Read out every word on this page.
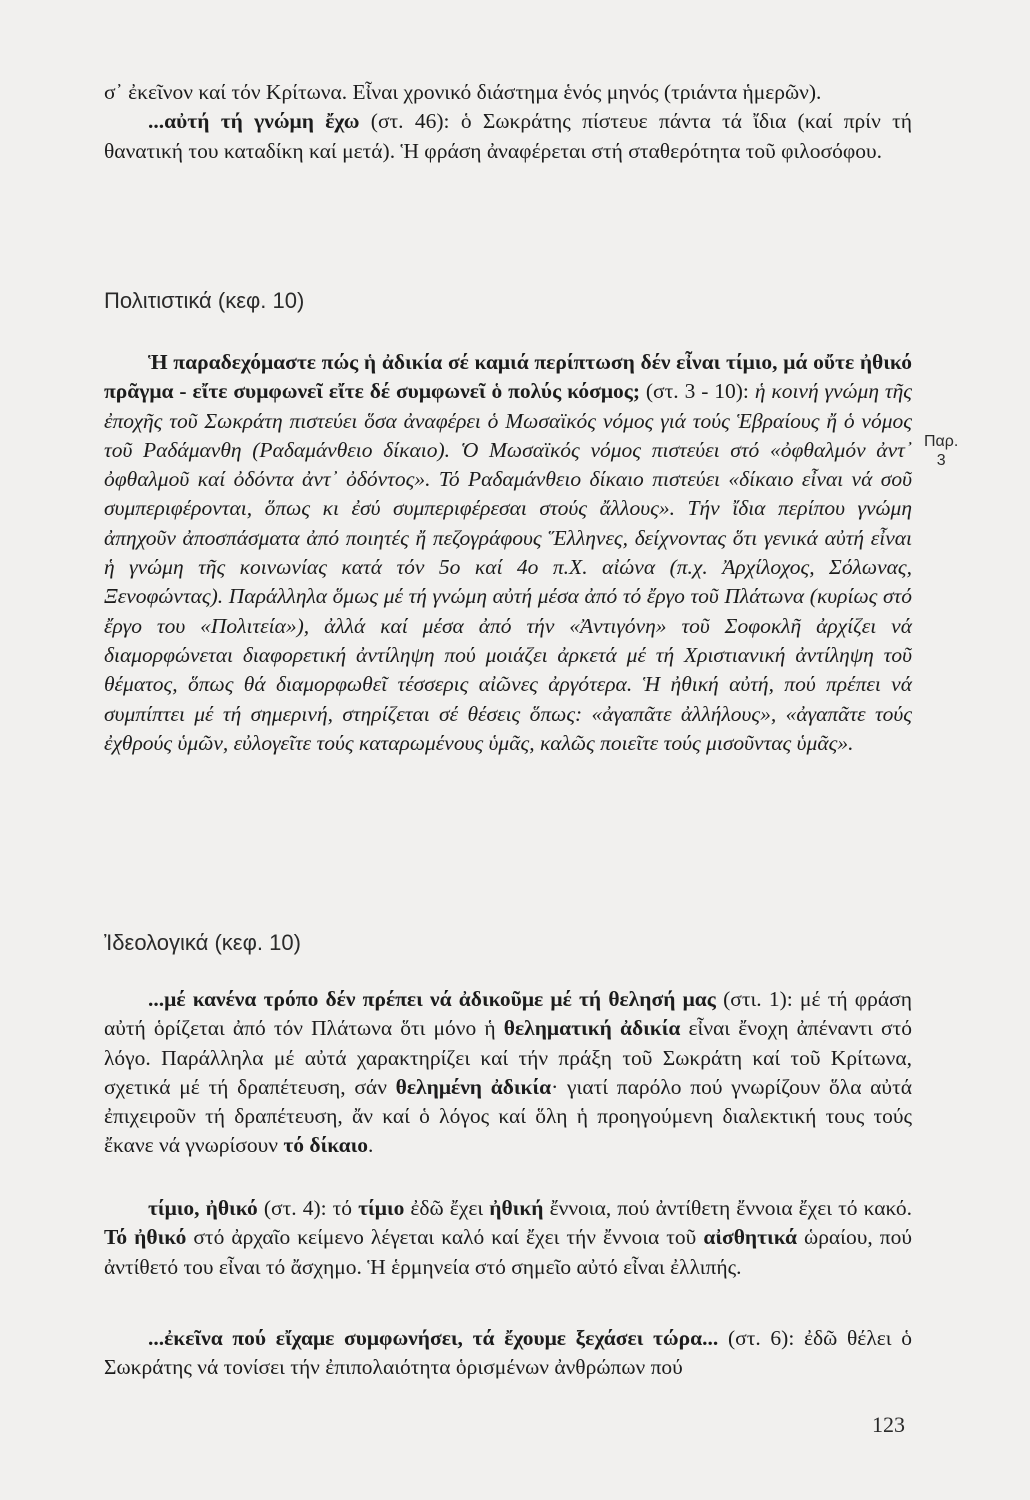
σ᾽ ἐκεῖνον καί τόν Κρίτωνα. Εἶναι χρονικό διάστημα ἑνός μηνός (τριάντα ἡμερῶν).

...αὐτή τή γνώμη ἔχω (στ. 46): ὁ Σωκράτης πίστευε πάντα τά ἴδια (καί πρίν τή θανατική του καταδίκη καί μετά). Ἡ φράση ἀναφέρεται στή σταθερότητα τοῦ φιλοσόφου.

Πολιτιστικά (κεφ. 10)

Ἡ παραδεχόμαστε πώς ἡ ἀδικία σέ καμιά περίπτωση δέν εἶναι τίμιο, μά οὔτε ἠθικό πρᾶγμα - εἴτε συμφωνεῖ εἴτε δέ συμφωνεῖ ὁ πολύς κόσμος; (στ. 3 - 10): ἡ κοινή γνώμη τῆς ἐποχῆς τοῦ Σωκράτη πιστεύει ὅσα ἀναφέρει ὁ Μωσαϊκός νόμος γιά τούς Ἑβραίους ἤ ὁ νόμος τοῦ Ραδάμανθη (Ραδαμάνθειο δίκαιο). Ὁ Μωσαϊκός νόμος πιστεύει στό «ὀφθαλμόν ἀντ᾽ ὀφθαλμοῦ καί ὀδόντα ἀντ᾽ ὀδόντος». Τό Ραδαμάνθειο δίκαιο πιστεύει «δίκαιο εἶναι νά σοῦ συμπεριφέρονται, ὅπως κι ἐσύ συμπεριφέρεσαι στούς ἄλλους». Τήν ἴδια περίπου γνώμη ἀπηχοῦν ἀποσπάσματα ἀπό ποιητές ἤ πεζογράφους Ἕλληνες, δείχνοντας ὅτι γενικά αὐτή εἶναι ἡ γνώμη τῆς κοινωνίας κατά τόν 5ο καί 4ο π.Χ. αἰώνα (π.χ. Ἀρχίλοχος, Σόλωνας, Ξενοφώντας). Παράλληλα ὅμως μέ τή γνώμη αὐτή μέσα ἀπό τό ἔργο τοῦ Πλάτωνα (κυρίως στό ἔργο του «Πολιτεία»), ἀλλά καί μέσα ἀπό τήν «Ἀντιγόνη» τοῦ Σοφοκλῆ ἀρχίζει νά διαμορφώνεται διαφορετική ἀντίληψη πού μοιάζει ἀρκετά μέ τή Χριστιανική ἀντίληψη τοῦ θέματος, ὅπως θά διαμορφωθεῖ τέσσερις αἰῶνες ἀργότερα. Ἡ ἠθική αὐτή, πού πρέπει νά συμπίπτει μέ τή σημερινή, στηρίζεται σέ θέσεις ὅπως: «ἀγαπᾶτε ἀλλήλους», «ἀγαπᾶτε τούς ἐχθρούς ὑμῶν, εὐλογεῖτε τούς καταρωμένους ὑμᾶς, καλῶς ποιεῖτε τούς μισοῦντας ὑμᾶς».

Παρ.
3
Ἰδεολογικά (κεφ. 10)

...μέ κανένα τρόπο δέν πρέπει νά ἀδικοῦμε μέ τή θελησή μας (στι. 1): μέ τή φράση αὐτή ὁρίζεται ἀπό τόν Πλάτωνα ὅτι μόνο ἡ θεληματική ἀδικία εἶναι ἔνοχη ἀπέναντι στό λόγο. Παράλληλα μέ αὐτά χαρακτηρίζει καί τήν πράξη τοῦ Σωκράτη καί τοῦ Κρίτωνα, σχετικά μέ τή δραπέτευση, σάν θελημένη ἀδικία· γιατί παρόλο πού γνωρίζουν ὅλα αὐτά ἐπιχειροῦν τή δραπέτευση, ἄν καί ὁ λόγος καί ὅλη ἡ προηγούμενη διαλεκτική τους τούς ἔκανε νά γνωρίσουν τό δίκαιο.

τίμιο, ἠθικό (στ. 4): τό τίμιο ἐδῶ ἔχει ἠθική ἔννοια, πού ἀντίθετη ἔννοια ἔχει τό κακό. Τό ἠθικό στό ἀρχαῖο κείμενο λέγεται καλό καί ἔχει τήν ἔννοια τοῦ αἰσθητικά ὡραίου, πού ἀντίθετό του εἶναι τό ἄσχημο. Ἡ ἑρμηνεία στό σημεῖο αὐτό εἶναι ἐλλιπής.

...ἐκεῖνα πού εἴχαμε συμφωνήσει, τά ἔχουμε ξεχάσει τώρα... (στ. 6): ἐδῶ θέλει ὁ Σωκράτης νά τονίσει τήν ἐπιπολαιότητα ὁρισμένων ἀνθρώπων πού

123
